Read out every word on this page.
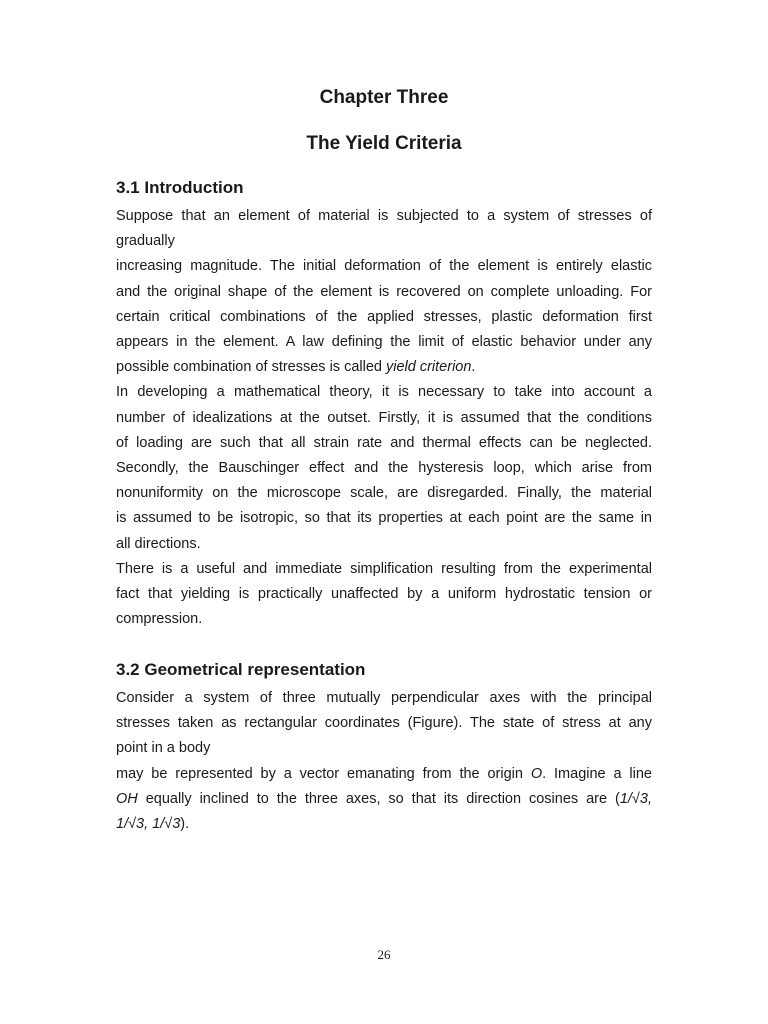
Chapter Three
The Yield Criteria
3.1 Introduction

Suppose that an element of material is subjected to a system of stresses of
gradually
increasing magnitude. The initial deformation of the element is entirely elastic
and the original shape of the element is recovered on complete unloading. For
certain critical combinations of the applied stresses, plastic deformation first
appears in the element. A law defining the limit of elastic behavior under any
possible combination of stresses is called yield criterion.

In developing a mathematical theory, it is necessary to take into account a
number of idealizations at the outset. Firstly, it is assumed that the conditions
of loading are such that all strain rate and thermal effects can be neglected.
Secondly, the Bauschinger effect and the hysteresis loop, which arise from
nonuniformity on the microscope scale, are disregarded. Finally, the material
is assumed to be isotropic, so that its properties at each point are the same in
all directions.

There is a useful and immediate simplification resulting from the experimental
fact that yielding is practically unaffected by a uniform hydrostatic tension or
compression.

3.2 Geometrical representation

Consider a system of three mutually perpendicular axes with the principal
stresses taken as rectangular coordinates (Figure). The state of stress at any
point in a body

may be represented by a vector emanating from the origin O. Imagine a line
OH equally inclined to the three axes, so that its direction cosines are (1/√3,
1/√3, 1/√3).

26
